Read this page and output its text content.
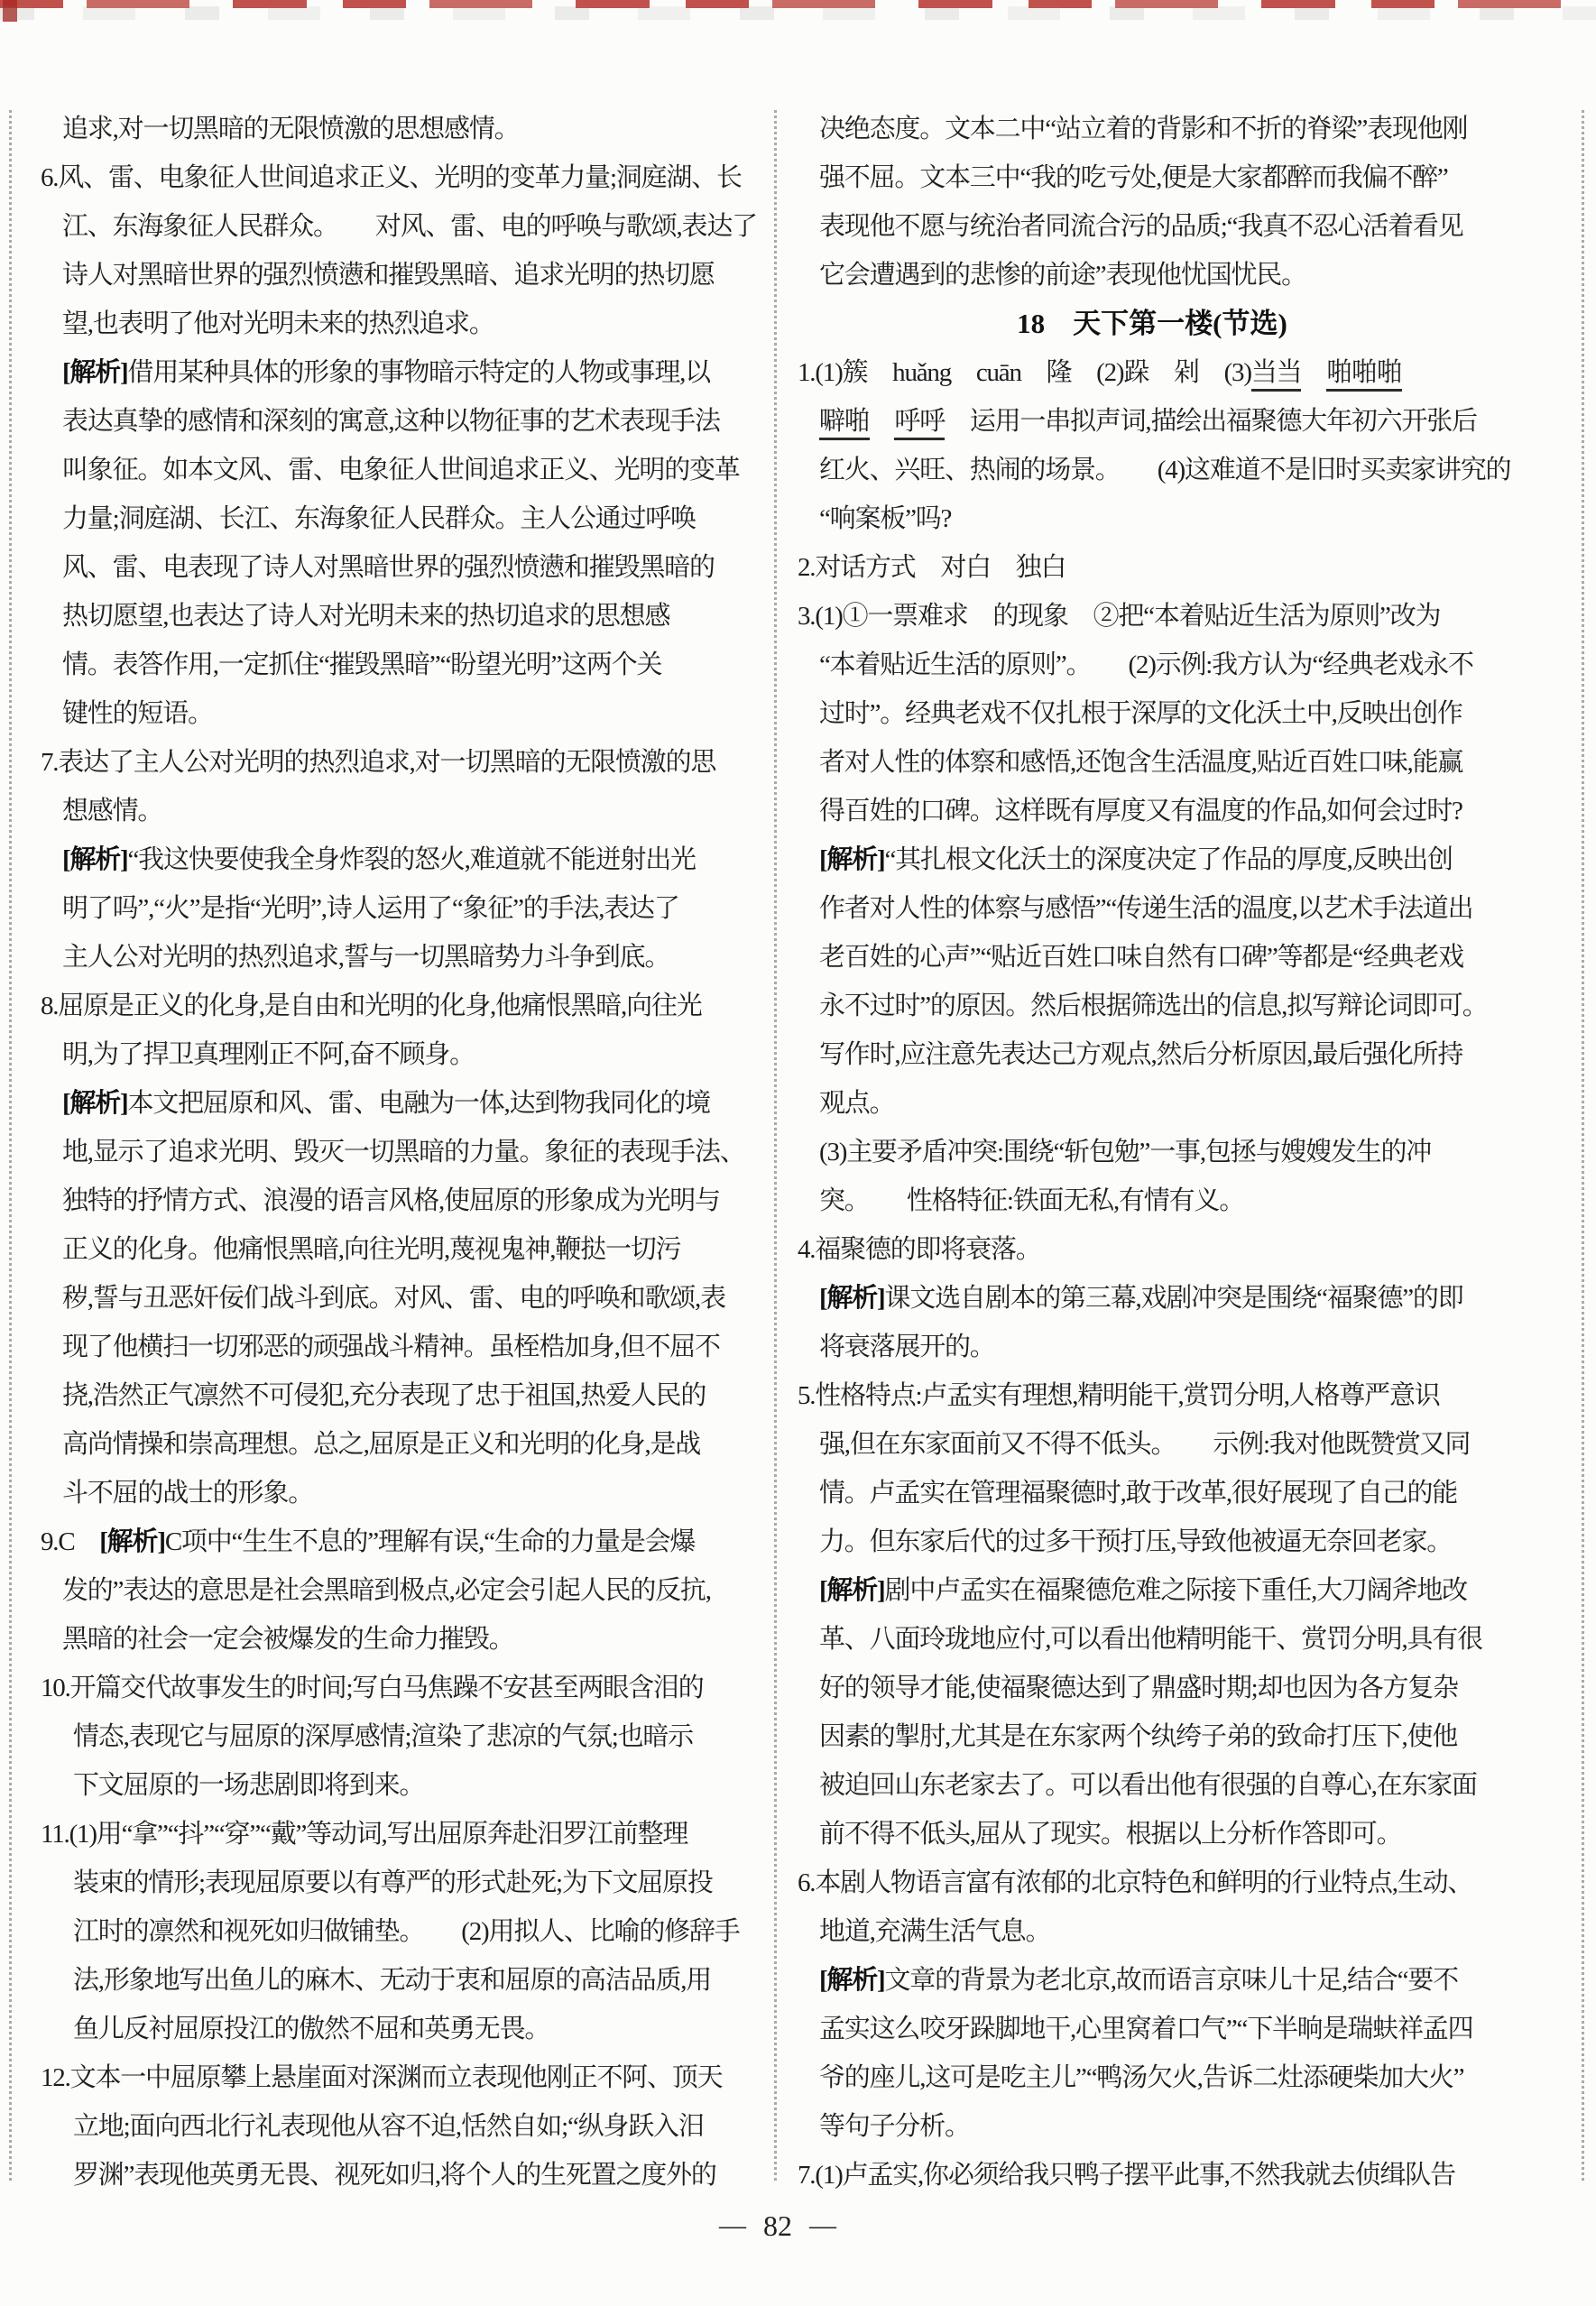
追求,对一切黑暗的无限愤激的思想感情。
6.风、雷、电象征人世间追求正义、光明的变革力量;洞庭湖、长
江、东海象征人民群众。　　对风、雷、电的呼唤与歌颂,表达了
诗人对黑暗世界的强烈愤懑和摧毁黑暗、追求光明的热切愿
望,也表明了他对光明未来的热烈追求。
[解析]借用某种具体的形象的事物暗示特定的人物或事理,以
表达真挚的感情和深刻的寓意,这种以物征事的艺术表现手法
叫象征。如本文风、雷、电象征人世间追求正义、光明的变革
力量;洞庭湖、长江、东海象征人民群众。主人公通过呼唤
风、雷、电表现了诗人对黑暗世界的强烈愤懑和摧毁黑暗的
热切愿望,也表达了诗人对光明未来的热切追求的思想感
情。表答作用,一定抓住“摧毁黑暗”“盼望光明”这两个关
键性的短语。
7.表达了主人公对光明的热烈追求,对一切黑暗的无限愤激的思
想感情。
[解析]“我这快要使我全身炸裂的怒火,难道就不能迸射出光
明了吗”,“火”是指“光明”,诗人运用了“象征”的手法,表达了
主人公对光明的热烈追求,誓与一切黑暗势力斗争到底。
8.屈原是正义的化身,是自由和光明的化身,他痛恨黑暗,向往光
明,为了捍卫真理刚正不阿,奋不顾身。
[解析]本文把屈原和风、雷、电融为一体,达到物我同化的境
地,显示了追求光明、毁灭一切黑暗的力量。象征的表现手法、
独特的抒情方式、浪漫的语言风格,使屈原的形象成为光明与
正义的化身。他痛恨黑暗,向往光明,蔑视鬼神,鞭挞一切污
秽,誓与丑恶奸佞们战斗到底。对风、雷、电的呼唤和歌颂,表
现了他横扫一切邪恶的顽强战斗精神。虽桎梏加身,但不屈不
挠,浩然正气凛然不可侵犯,充分表现了忠于祖国,热爱人民的
高尚情操和崇高理想。总之,屈原是正义和光明的化身,是战
斗不屈的战士的形象。
9.C　[解析]C项中“生生不息的”理解有误,“生命的力量是会爆
发的”表达的意思是社会黑暗到极点,必定会引起人民的反抗,
黑暗的社会一定会被爆发的生命力摧毁。
10.开篇交代故事发生的时间;写白马焦躁不安甚至两眼含泪的
情态,表现它与屈原的深厚感情;渲染了悲凉的气氛;也暗示
下文屈原的一场悲剧即将到来。
11.(1)用“拿”“抖”“穿”“戴”等动词,写出屈原奔赴汨罗江前整理
装束的情形;表现屈原要以有尊严的形式赴死;为下文屈原投
江时的凛然和视死如归做铺垫。　　(2)用拟人、比喻的修辞手
法,形象地写出鱼儿的麻木、无动于衷和屈原的高洁品质,用
鱼儿反衬屈原投江的傲然不屈和英勇无畏。
12.文本一中屈原攀上悬崖面对深渊而立表现他刚正不阿、顶天
立地;面向西北行礼表现他从容不迫,恬然自如;“纵身跃入汨
罗渊”表现他英勇无畏、视死如归,将个人的生死置之度外的
决绝态度。文本二中“站立着的背影和不折的脊梁”表现他刚
强不屈。文本三中“我的吃亏处,便是大家都醉而我偏不醉”
表现他不愿与统治者同流合污的品质;“我真不忍心活着看见
它会遭遇到的悲惨的前途”表现他忧国忧民。
18　天下第一楼(节选)
1.(1)簇　huǎng　cuān　隆　(2)跺　剁　(3)当当　 啪啪啪
噼啪　 呼呼　运用一串拟声词,描绘出福聚德大年初六开张后
红火、兴旺、热闹的场景。　　(4)这难道不是旧时买卖家讲究的
“响案板”吗?
2.对话方式　对白　独白
3.(1)①一票难求　的现象　②把“本着贴近生活为原则”改为
“本着贴近生活的原则”。　　(2)示例:我方认为“经典老戏永不
过时”。经典老戏不仅扎根于深厚的文化沃土中,反映出创作
者对人性的体察和感悟,还饱含生活温度,贴近百姓口味,能赢
得百姓的口碑。这样既有厚度又有温度的作品,如何会过时?
[解析]“其扎根文化沃土的深度决定了作品的厚度,反映出创
作者对人性的体察与感悟”“传递生活的温度,以艺术手法道出
老百姓的心声”“贴近百姓口味自然有口碑”等都是“经典老戏
永不过时”的原因。然后根据筛选出的信息,拟写辩论词即可。
写作时,应注意先表达己方观点,然后分析原因,最后强化所持
观点。
(3)主要矛盾冲突:围绕“斩包勉”一事,包拯与嫂嫂发生的冲
突。　　性格特征:铁面无私,有情有义。
4.福聚德的即将衰落。
[解析]课文选自剧本的第三幕,戏剧冲突是围绕“福聚德”的即
将衰落展开的。
5.性格特点:卢孟实有理想,精明能干,赏罚分明,人格尊严意识
强,但在东家面前又不得不低头。　　示例:我对他既赞赏又同
情。卢孟实在管理福聚德时,敢于改革,很好展现了自己的能
力。但东家后代的过多干预打压,导致他被逼无奈回老家。
[解析]剧中卢孟实在福聚德危难之际接下重任,大刀阔斧地改
革、八面玲珑地应付,可以看出他精明能干、赏罚分明,具有很
好的领导才能,使福聚德达到了鼎盛时期;却也因为各方复杂
因素的掣肘,尤其是在东家两个纨绔子弟的致命打压下,使他
被迫回山东老家去了。可以看出他有很强的自尊心,在东家面
前不得不低头,屈从了现实。根据以上分析作答即可。
6.本剧人物语言富有浓郁的北京特色和鲜明的行业特点,生动、
地道,充满生活气息。
[解析]文章的背景为老北京,故而语言京味儿十足,结合“要不
孟实这么咬牙跺脚地干,心里窝着口气”“下半晌是瑞蚨祥孟四
爷的座儿,这可是吃主儿”“鸭汤欠火,告诉二灶添硬柴加大火”
等句子分析。
7.(1)卢孟实,你必须给我只鸭子摆平此事,不然我就去侦缉队告
— 82 —
